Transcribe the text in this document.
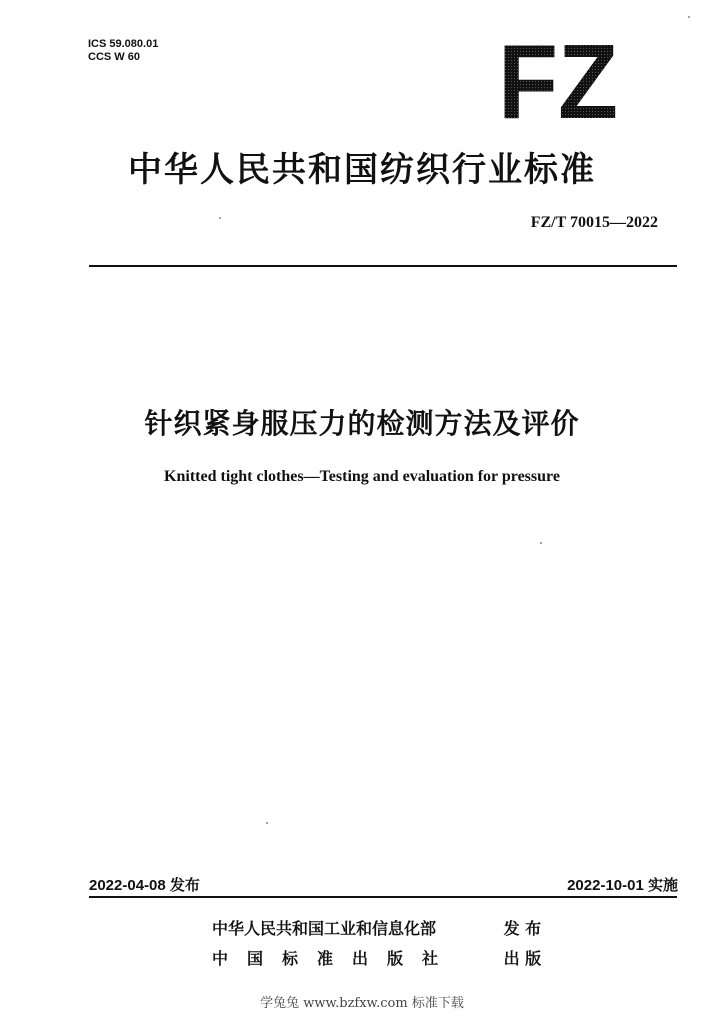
ICS 59.080.01
CCS W 60	FZ
中华人民共和国纺织行业标准
FZ/T 70015—2022
针织紧身服压力的检测方法及评价
Knitted tight clothes—Testing and evaluation for pressure
2022-04-08 发布	2022-10-01 实施
中华人民共和国工业和信息化部	发 布
中国标准出版社	出 版
学兔兔 www.bzfxw.com 标准下载
